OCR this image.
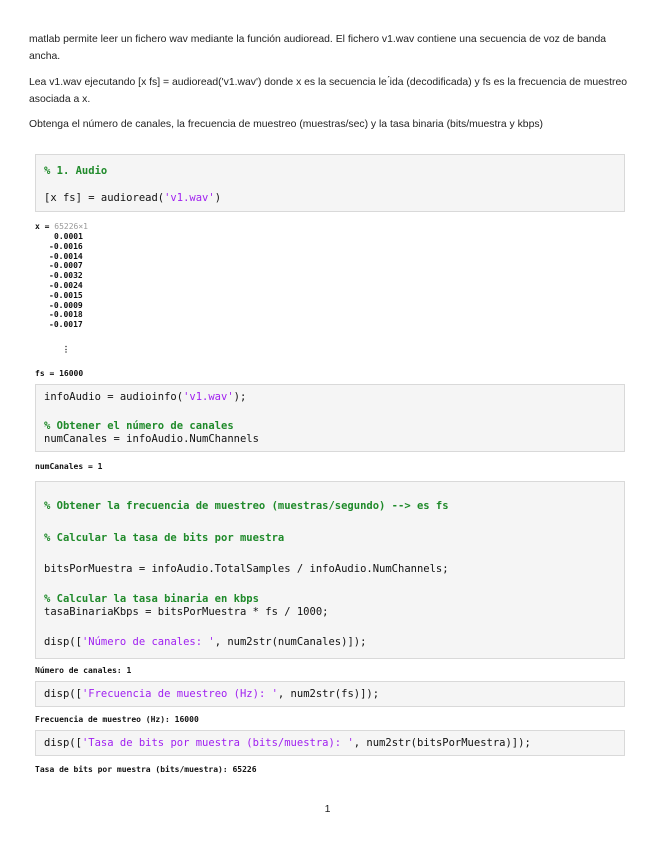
matlab permite leer un fichero wav mediante la función audioread. El fichero v1.wav contiene una secuencia de voz de banda ancha.

Lea v1.wav ejecutando [x fs] = audioread('v1.wav') donde x es la secuencia le ́ida (decodificada) y fs es la frecuencia de muestreo asociada a x.

Obtenga el número de canales, la frecuencia de muestreo (muestras/sec) y la tasa binaria (bits/muestra y kbps)

% 1. Audio
[x fs] = audioread('v1.wav')
x = 65226×1
0.0001
-0.0016
-0.0014
-0.0007
-0.0032
-0.0024
-0.0015
-0.0009
-0.0018
-0.0017
⋮
fs = 16000
infoAudio = audioinfo('v1.wav');
% Obtener el número de canales
numCanales = infoAudio.NumChannels
numCanales = 1
% Obtener la frecuencia de muestreo (muestras/segundo) --> es fs
% Calcular la tasa de bits por muestra
bitsPorMuestra = infoAudio.TotalSamples / infoAudio.NumChannels;
% Calcular la tasa binaria en kbps
tasaBinariaKbps = bitsPorMuestra * fs / 1000;
disp(['Número de canales: ', num2str(numCanales)]);
Número de canales: 1
disp(['Frecuencia de muestreo (Hz): ', num2str(fs)]);
Frecuencia de muestreo (Hz): 16000
disp(['Tasa de bits por muestra (bits/muestra): ', num2str(bitsPorMuestra)]);
Tasa de bits por muestra (bits/muestra): 65226
1
